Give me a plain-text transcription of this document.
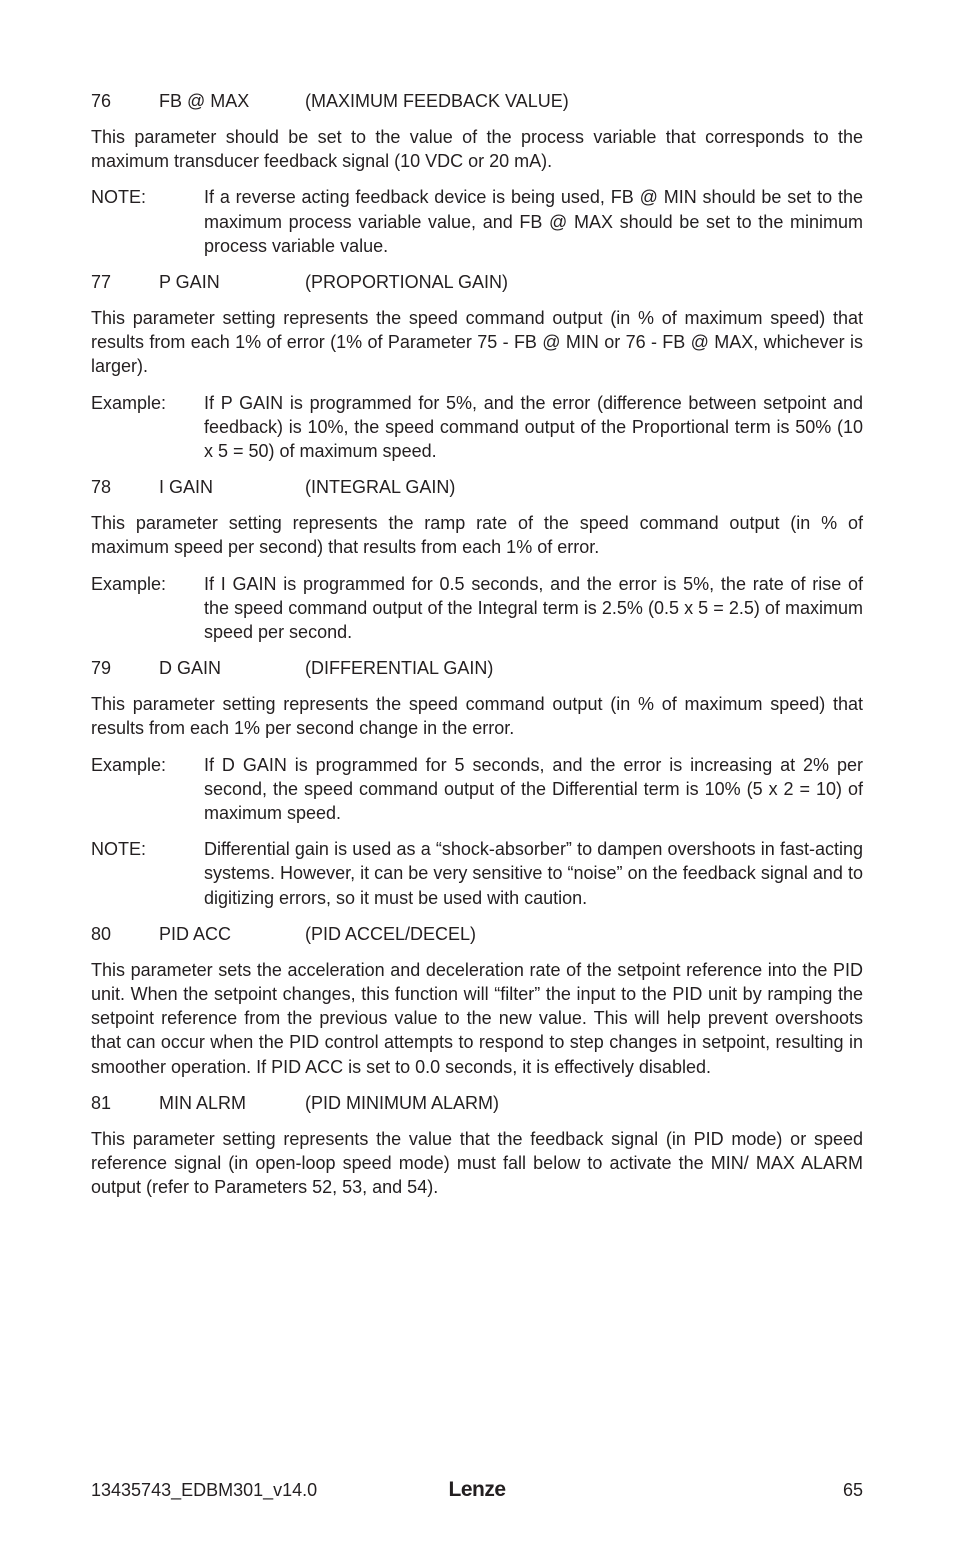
76	FB @ MAX	(MAXIMUM FEEDBACK VALUE)

This parameter should be set to the value of the process variable that corresponds to the maximum transducer feedback signal (10 VDC or 20 mA).

NOTE:	If a reverse acting feedback device is being used, FB @ MIN should be set to the maximum process variable value, and FB @ MAX should be set to the minimum process variable value.
77	P GAIN	(PROPORTIONAL GAIN)

This parameter setting represents the speed command output (in % of maximum speed) that results from each 1% of error (1% of Parameter 75 - FB @ MIN or 76 - FB @ MAX, whichever is larger).

Example:	If P GAIN is programmed for 5%, and the error (difference between setpoint and feedback) is 10%, the speed command output of the Proportional term is 50% (10 x 5 = 50) of maximum speed.
78	I GAIN	(INTEGRAL GAIN)

This parameter setting represents the ramp rate of the speed command output (in % of maximum speed per second) that results from each 1% of error.

Example:	If I GAIN is programmed for 0.5 seconds, and the error is 5%, the rate of rise of the speed command output of the Integral term is 2.5% (0.5 x 5 = 2.5) of maximum speed per second.
79	D GAIN	(DIFFERENTIAL GAIN)

This parameter setting represents the speed command output (in % of maximum speed) that results from each 1% per second change in the error.

Example:	If D GAIN is programmed for 5 seconds, and the error is increasing at 2% per second, the speed command output of the Differential term is 10% (5 x 2 = 10) of maximum speed.
NOTE:	Differential gain is used as a “shock-absorber” to dampen overshoots in fast-acting systems. However, it can be very sensitive to “noise” on the feedback signal and to digitizing errors, so it must be used with caution.
80	PID ACC	(PID ACCEL/DECEL)

This parameter sets the acceleration and deceleration rate of the setpoint reference into the PID unit. When the setpoint changes, this function will “filter” the input to the PID unit by ramping the setpoint reference from the previous value to the new value. This will help prevent overshoots that can occur when the PID control attempts to respond to step changes in setpoint, resulting in smoother operation. If PID ACC is set to 0.0 seconds, it is effectively disabled.

81	MIN ALRM	(PID MINIMUM ALARM)

This parameter setting represents the value that the feedback signal (in PID mode) or speed reference signal (in open-loop speed mode) must fall below to activate the MIN/ MAX ALARM output (refer to Parameters 52, 53, and 54).

13435743_EDBM301_v14.0	Lenze	65
